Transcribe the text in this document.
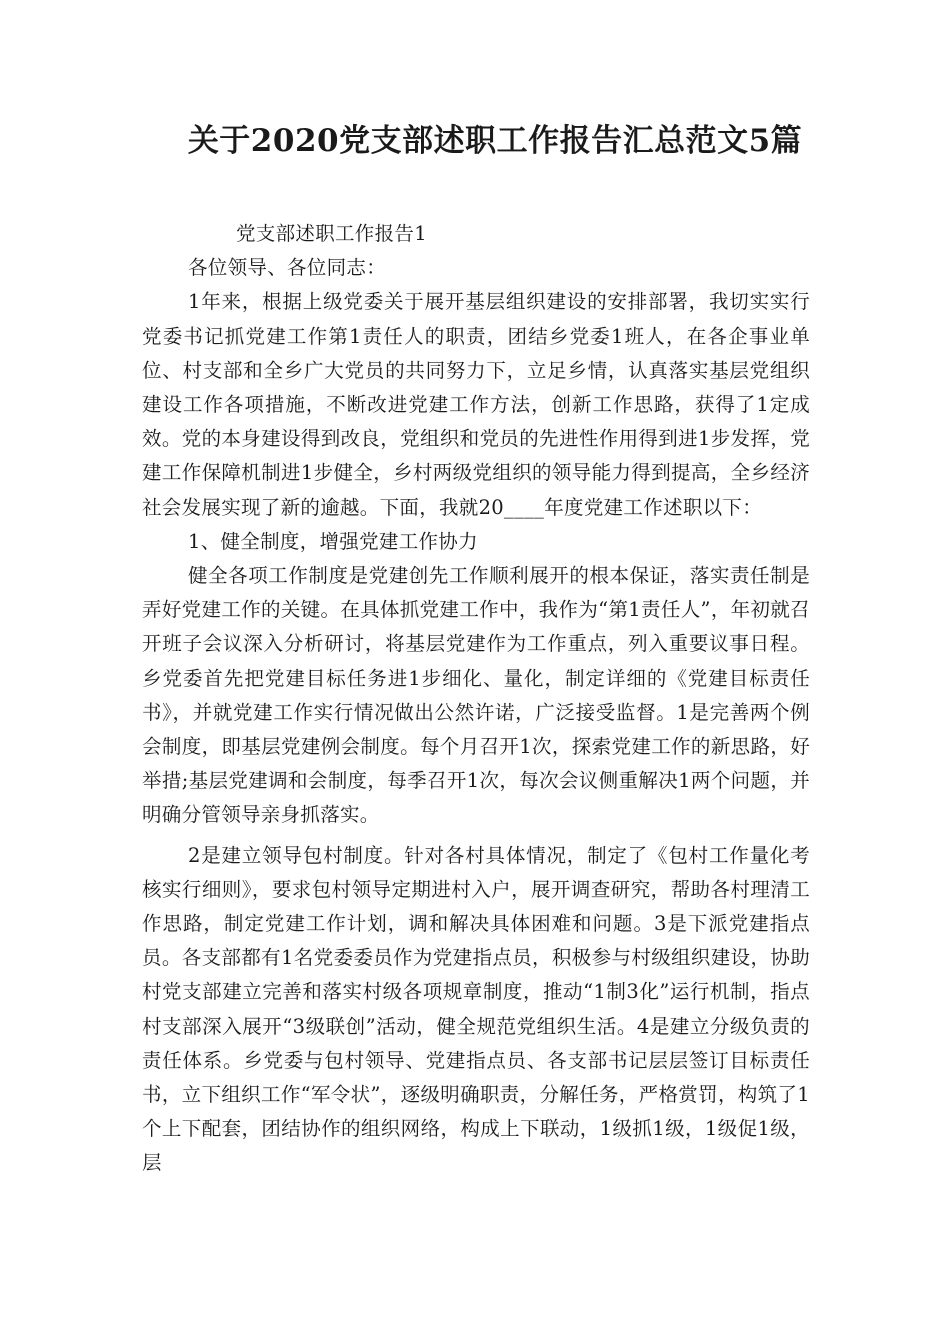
关于2020党支部述职工作报告汇总范文5篇

党支部述职工作报告1

各位领导、各位同志：

1年来，根据上级党委关于展开基层组织建设的安排部署，我切实实行党委书记抓党建工作第1责任人的职责，团结乡党委1班人，在各企事业单位、村支部和全乡广大党员的共同努力下，立足乡情，认真落实基层党组织建设工作各项措施，不断改进党建工作方法，创新工作思路，获得了1定成效。党的本身建设得到改良，党组织和党员的先进性作用得到进1步发挥，党建工作保障机制进1步健全，乡村两级党组织的领导能力得到提高，全乡经济社会发展实现了新的逾越。下面，我就20____年度党建工作述职以下：

1、健全制度，增强党建工作协力

健全各项工作制度是党建创先工作顺利展开的根本保证，落实责任制是弄好党建工作的关键。在具体抓党建工作中，我作为“第1责任人”，年初就召开班子会议深入分析研讨，将基层党建作为工作重点，列入重要议事日程。乡党委首先把党建目标任务进1步细化、量化，制定详细的《党建目标责任书》，并就党建工作实行情况做出公然许诺，广泛接受监督。1是完善两个例会制度，即基层党建例会制度。每个月召开1次，探索党建工作的新思路，好举措;基层党建调和会制度，每季召开1次，每次会议侧重解决1两个问题，并明确分管领导亲身抓落实。

2是建立领导包村制度。针对各村具体情况，制定了《包村工作量化考核实行细则》，要求包村领导定期进村入户，展开调查研究，帮助各村理清工作思路，制定党建工作计划，调和解决具体困难和问题。3是下派党建指点员。各支部都有1名党委委员作为党建指点员，积极参与村级组织建设，协助村党支部建立完善和落实村级各项规章制度，推动“1制3化”运行机制，指点村支部深入展开“3级联创”活动，健全规范党组织生活。4是建立分级负责的责任体系。乡党委与包村领导、党建指点员、各支部书记层层签订目标责任书，立下组织工作“军令状”，逐级明确职责，分解任务，严格赏罚，构筑了1个上下配套，团结协作的组织网络，构成上下联动，1级抓1级，1级促1级，层
